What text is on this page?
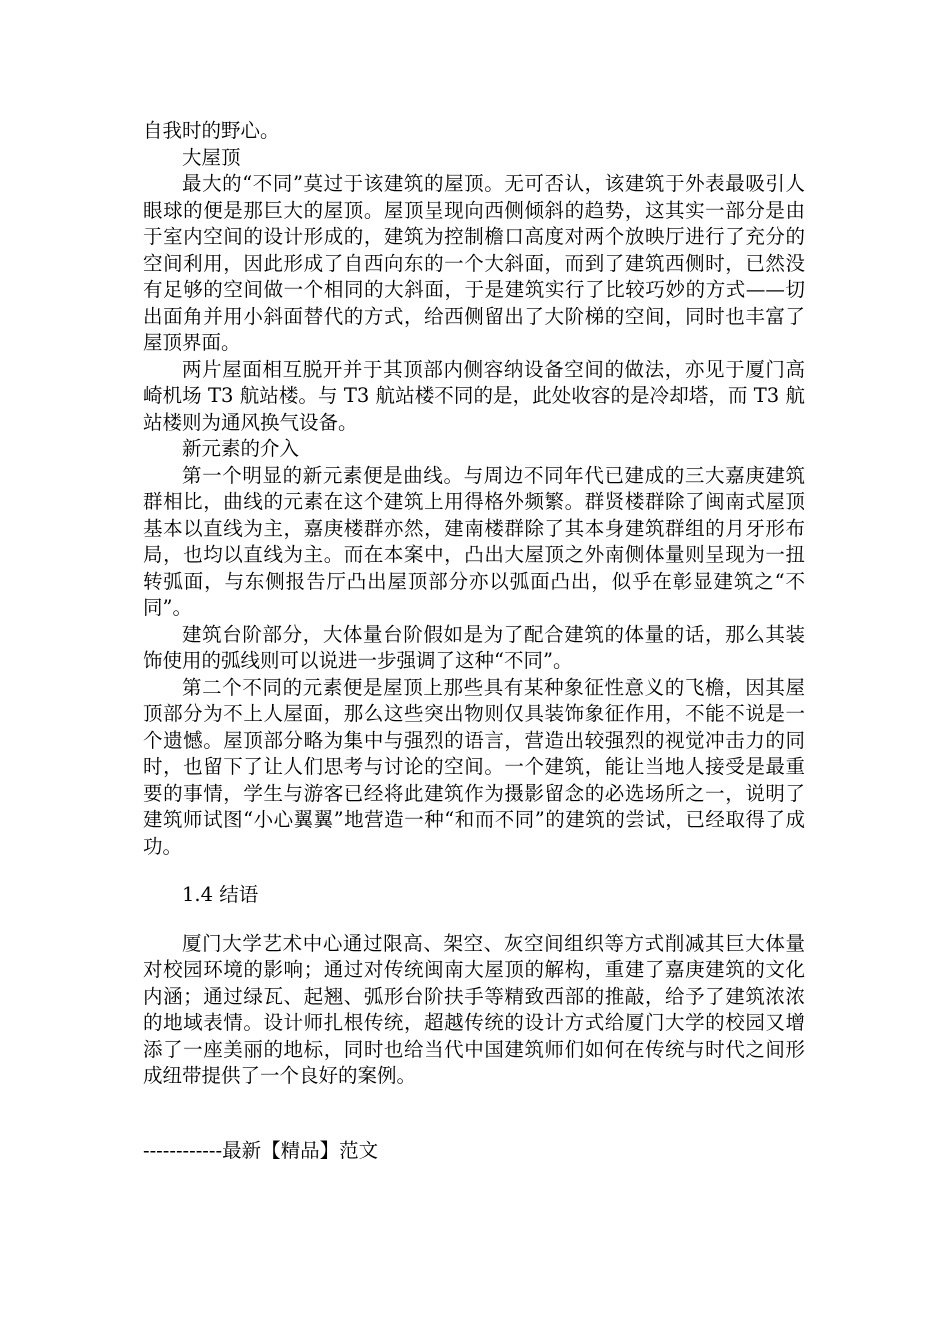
自我时的野心。

大屋顶

最大的“不同”莫过于该建筑的屋顶。无可否认，该建筑于外表最吸引人眼球的便是那巨大的屋顶。屋顶呈现向西侧倾斜的趋势，这其实一部分是由于室内空间的设计形成的，建筑为控制檐口高度对两个放映厅进行了充分的空间利用，因此形成了自西向东的一个大斜面，而到了建筑西侧时，已然没有足够的空间做一个相同的大斜面，于是建筑实行了比较巧妙的方式——切出面角并用小斜面替代的方式，给西侧留出了大阶梯的空间，同时也丰富了屋顶界面。

两片屋面相互脱开并于其顶部内侧容纳设备空间的做法，亦见于厦门高崎机场 T3 航站楼。与 T3 航站楼不同的是，此处收容的是冷却塔，而 T3 航站楼则为通风换气设备。

新元素的介入

第一个明显的新元素便是曲线。与周边不同年代已建成的三大嘉庚建筑群相比，曲线的元素在这个建筑上用得格外频繁。群贤楼群除了闽南式屋顶基本以直线为主，嘉庚楼群亦然，建南楼群除了其本身建筑群组的月牙形布局，也均以直线为主。而在本案中，凸出大屋顶之外南侧体量则呈现为一扭转弧面，与东侧报告厅凸出屋顶部分亦以弧面凸出，似乎在彰显建筑之“不同”。

建筑台阶部分，大体量台阶假如是为了配合建筑的体量的话，那么其装饰使用的弧线则可以说进一步强调了这种“不同”。

第二个不同的元素便是屋顶上那些具有某种象征性意义的飞檐，因其屋顶部分为不上人屋面，那么这些突出物则仅具装饰象征作用，不能不说是一个遗憾。屋顶部分略为集中与强烈的语言，营造出较强烈的视觉冲击力的同时，也留下了让人们思考与讨论的空间。一个建筑，能让当地人接受是最重要的事情，学生与游客已经将此建筑作为摄影留念的必选场所之一，说明了建筑师试图“小心翼翼”地营造一种“和而不同”的建筑的尝试，已经取得了成功。

1.4 结语

厦门大学艺术中心通过限高、架空、灰空间组织等方式削减其巨大体量对校园环境的影响；通过对传统闽南大屋顶的解构，重建了嘉庚建筑的文化内涵；通过绿瓦、起翘、弧形台阶扶手等精致西部的推敲，给予了建筑浓浓的地域表情。设计师扎根传统，超越传统的设计方式给厦门大学的校园又增添了一座美丽的地标，同时也给当代中国建筑师们如何在传统与时代之间形成纽带提供了一个良好的案例。

------------最新【精品】范文
